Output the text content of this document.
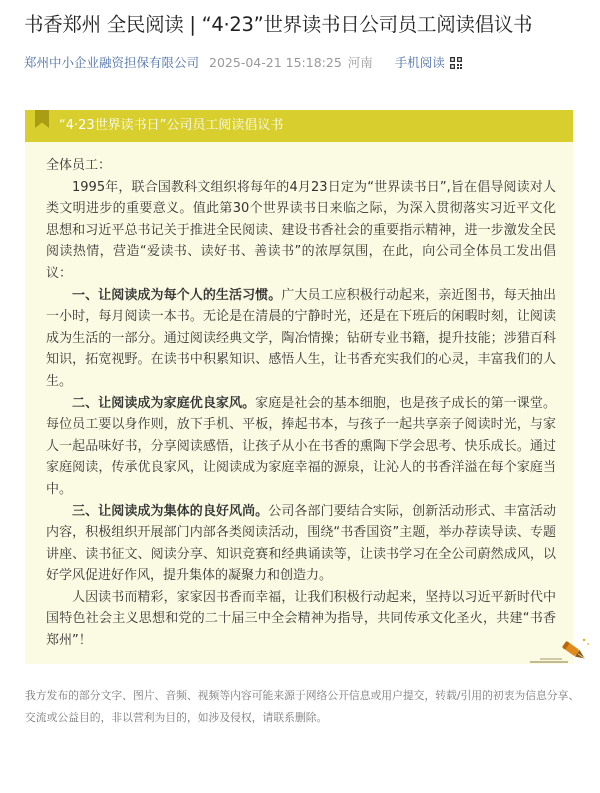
书香郑州 全民阅读 | “4·23”世界读书日公司员工阅读倡议书
郑州中小企业融资担保有限公司 2025-04-21 15:18:25 河南 手机阅读
“4·23世界读书日”公司员工阅读倡议书

全体员工：

1995年，联合国教科文组织将每年的4月23日定为“世界读书日”,旨在倡导阅读对人类文明进步的重要意义。值此第30个世界读书日来临之际，为深入贯彻落实习近平文化思想和习近平总书记关于推进全民阅读、建设书香社会的重要指示精神，进一步激发全民阅读热情，营造“爱读书、读好书、善读书”的浓厚氛围，在此，向公司全体员工发出倡议：

一、让阅读成为每个人的生活习惯。广大员工应积极行动起来，亲近图书，每天抽出一小时，每月阅读一本书。无论是在清晨的宁静时光，还是在下班后的闲暇时刻，让阅读成为生活的一部分。通过阅读经典文学，陶冶情操；钻研专业书籍，提升技能；涉猎百科知识，拓宽视野。在读书中积累知识、感悟人生，让书香充实我们的心灵，丰富我们的人生。

二、让阅读成为家庭优良家风。家庭是社会的基本细胞，也是孩子成长的第一课堂。每位员工要以身作则，放下手机、平板，捧起书本，与孩子一起共享亲子阅读时光，与家人一起品味好书，分享阅读感悟，让孩子从小在书香的熏陶下学会思考、快乐成长。通过家庭阅读，传承优良家风，让阅读成为家庭幸福的源泉，让沁人的书香洋溢在每个家庭当中。

三、让阅读成为集体的良好风尚。公司各部门要结合实际，创新活动形式、丰富活动内容，积极组织开展部门内部各类阅读活动，围绕“书香国资”主题，举办荐读导读、专题讲座、读书征文、阅读分享、知识竞赛和经典诵读等，让读书学习在全公司蔚然成风，以好学风促进好作风，提升集体的凝聚力和创造力。

人因读书而精彩，家家因书香而幸福，让我们积极行动起来，坚持以习近平新时代中国特色社会主义思想和党的二十届三中全会精神为指导，共同传承文化圣火，共建“书香郑州”！

我方发布的部分文字、图片、音频、视频等内容可能来源于网络公开信息或用户提交，转载/引用的初衷为信息分享、交流或公益目的，非以营利为目的，如涉及侵权，请联系删除。
